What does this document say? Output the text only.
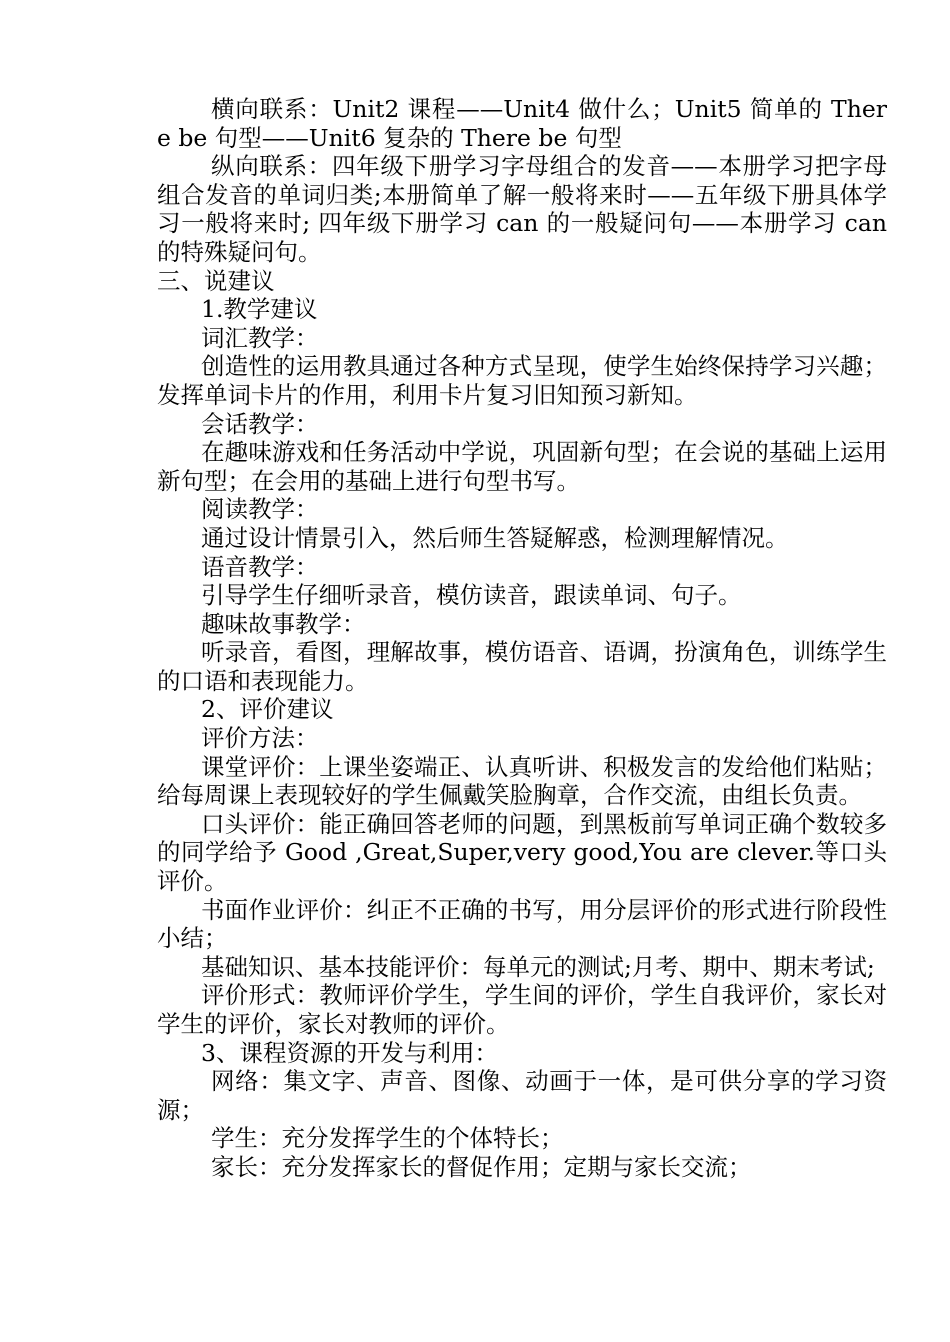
横向联系：Unit2 课程——Unit4 做什么；Unit5 简单的 There be 句型——Unit6 复杂的 There be 句型

纵向联系：四年级下册学习字母组合的发音——本册学习把字母组合发音的单词归类;本册简单了解一般将来时——五年级下册具体学习一般将来时; 四年级下册学习 can 的一般疑问句——本册学习 can 的特殊疑问句。

三、说建议

1.教学建议

词汇教学：

创造性的运用教具通过各种方式呈现，使学生始终保持学习兴趣；发挥单词卡片的作用，利用卡片复习旧知预习新知。

会话教学：

在趣味游戏和任务活动中学说，巩固新句型；在会说的基础上运用新句型；在会用的基础上进行句型书写。

阅读教学：

通过设计情景引入，然后师生答疑解惑，检测理解情况。

语音教学：

引导学生仔细听录音，模仿读音，跟读单词、句子。

趣味故事教学：

听录音，看图，理解故事，模仿语音、语调，扮演角色，训练学生的口语和表现能力。

2、评价建议

评价方法：

课堂评价：上课坐姿端正、认真听讲、积极发言的发给他们粘贴；给每周课上表现较好的学生佩戴笑脸胸章，合作交流，由组长负责。

口头评价：能正确回答老师的问题，到黑板前写单词正确个数较多的同学给予 Good ,Great,Super,very good,You are clever.等口头评价。

书面作业评价：纠正不正确的书写，用分层评价的形式进行阶段性小结；

基础知识、基本技能评价：每单元的测试;月考、期中、期末考试;

评价形式：教师评价学生，学生间的评价，学生自我评价，家长对学生的评价，家长对教师的评价。

3、课程资源的开发与利用：

网络：集文字、声音、图像、动画于一体，是可供分享的学习资源；

学生：充分发挥学生的个体特长；

家长：充分发挥家长的督促作用；定期与家长交流；
